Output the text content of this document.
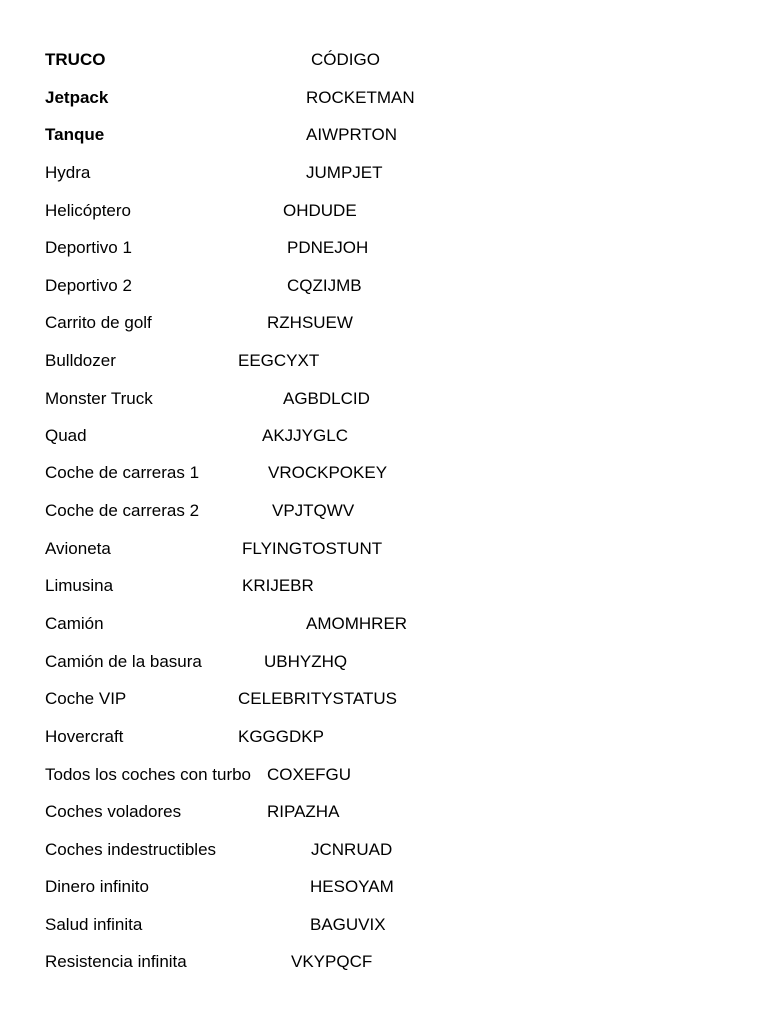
TRUCO	CÓDIGO
Jetpack	ROCKETMAN
Tanque	AIWPRTON
Hydra	JUMPJET
Helicóptero	OHDUDE
Deportivo 1	PDNEJOH
Deportivo 2	CQZIJMB
Carrito de golf	RZHSUEW
Bulldozer	EEGCYXT
Monster Truck	AGBDLCID
Quad	AKJJYGLC
Coche de carreras 1	VROCKPOKEY
Coche de carreras 2	VPJTQWV
Avioneta	FLYINGTOSTUNT
Limusina	KRIJEBR
Camión	AMOMHRER
Camión de la basura	UBHYZHQ
Coche VIP	CELEBRITYSTATUS
Hovercraft	KGGGDKP
Todos los coches con turbo COXEFGU
Coches voladores	RIPAZHA
Coches indestructibles	JCNRUAD
Dinero infinito	HESOYAM
Salud infinita	BAGUVIX
Resistencia infinita	VKYPQCF
